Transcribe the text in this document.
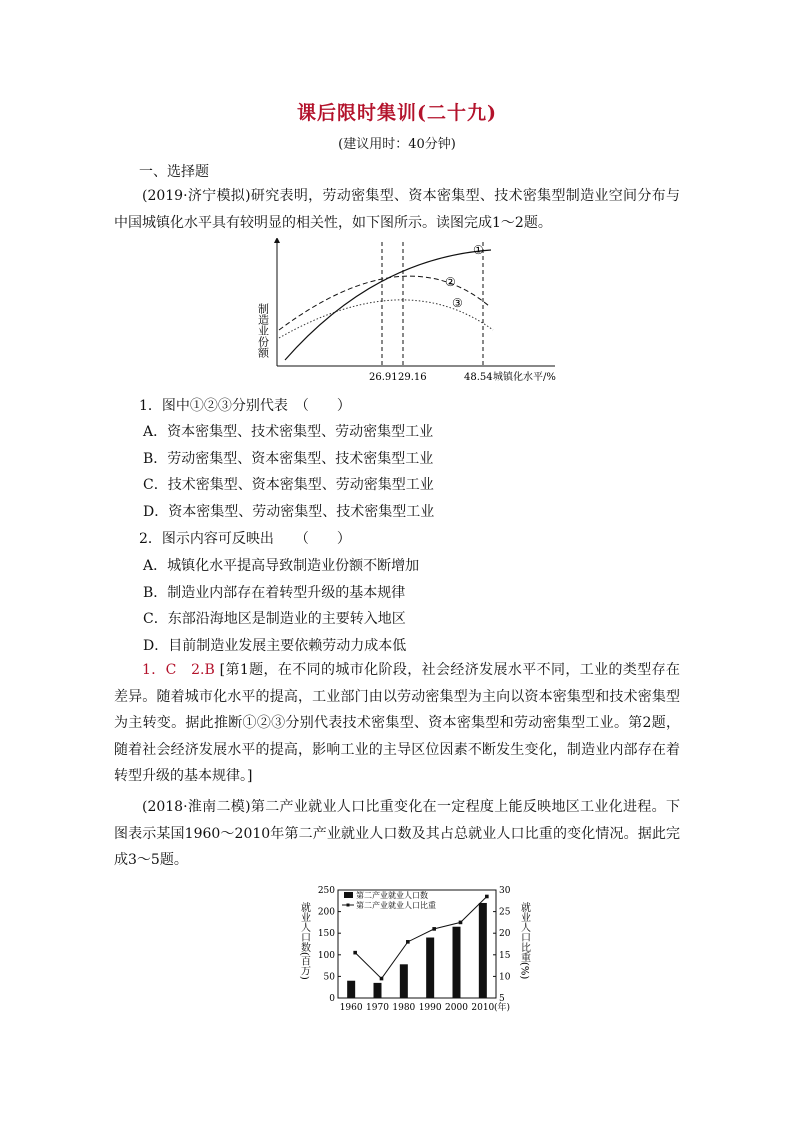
课后限时集训(二十九)
(建议用时：40分钟)
一、选择题
(2019·济宁模拟)研究表明，劳动密集型、资本密集型、技术密集型制造业空间分布与中国城镇化水平具有较明显的相关性，如下图所示。读图完成1～2题。
①
②
③
制造业份额
26.91 29.16	48.54 城镇化水平/%
1．图中①②③分别代表　（　　）
A．资本密集型、技术密集型、劳动密集型工业
B．劳动密集型、资本密集型、技术密集型工业
C．技术密集型、资本密集型、劳动密集型工业
D．资本密集型、劳动密集型、技术密集型工业
2．图示内容可反映出　　（　　）
A．城镇化水平提高导致制造业份额不断增加
B．制造业内部存在着转型升级的基本规律
C．东部沿海地区是制造业的主要转入地区
D．目前制造业发展主要依赖劳动力成本低
1．C　2.B [第1题，在不同的城市化阶段，社会经济发展水平不同，工业的类型存在差异。随着城市化水平的提高，工业部门由以劳动密集型为主向以资本密集型和技术密集型为主转变。据此推断①②③分别代表技术密集型、资本密集型和劳动密集型工业。第2题，随着社会经济发展水平的提高，影响工业的主导区位因素不断发生变化，制造业内部存在着转型升级的基本规律。]
(2018·淮南二模)第二产业就业人口比重变化在一定程度上能反映地区工业化进程。下图表示某国1960～2010年第二产业就业人口数及其占总就业人口比重的变化情况。据此完成3～5题。
0
50
100
150
200
250
5
10
15
20
25
30
1960 1970 1980 1990 2000 2010 (年)
就业人口数(百万)	就业人口比重(%)
第二产业就业人口数
第二产业就业人口比重
